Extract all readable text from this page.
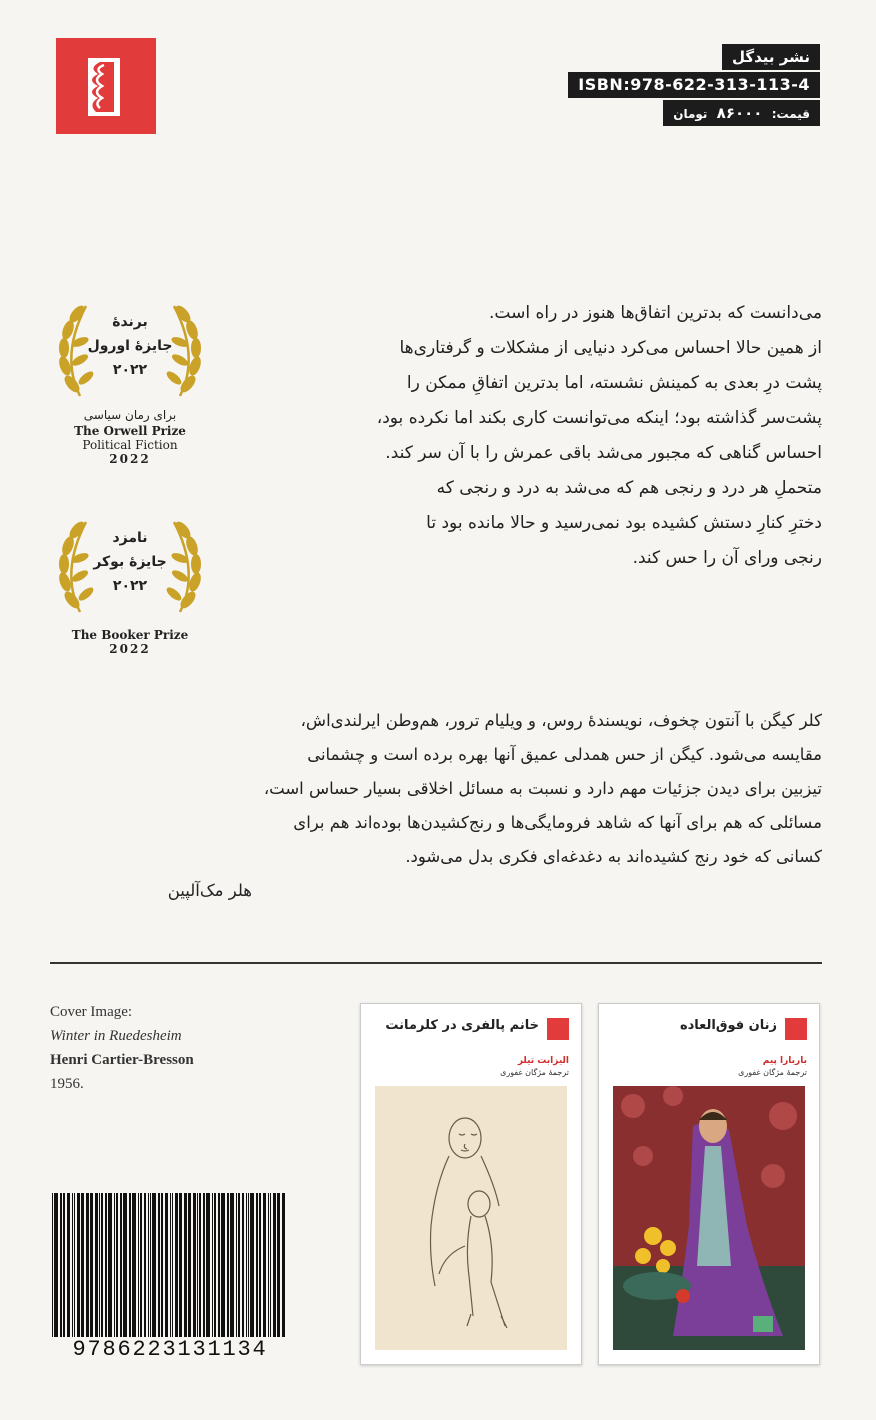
نشر بیدگل
ISBN:978-622-313-113-4
قیمت: ۸۶۰۰۰ تومان
برندهٔ
جایزهٔ اورول
۲۰۲۲
برای رمان سیاسی
The Orwell Prize
Political Fiction
2022
نامزد
جایزهٔ بوکر
۲۰۲۲
The Booker Prize
2022
می‌دانست که بدترین اتفاق‌ها هنوز در راه است.
از همین حالا احساس می‌کرد دنیایی از مشکلات و گرفتاری‌ها
پشت درِ بعدی به کمینش نشسته، اما بدترین اتفاقِ ممکن را
پشت‌سر گذاشته بود؛ اینکه می‌توانست کاری بکند اما نکرده بود،
احساس گناهی که مجبور می‌شد باقی عمرش را با آن سر کند.
متحملِ هر درد و رنجی هم که می‌شد به درد و رنجی که
دخترِ کنارِ دستش کشیده بود نمی‌رسید و حالا مانده بود تا
رنجی ورای آن را حس کند.
کلر کیگن با آنتون چخوف، نویسندهٔ روس، و ویلیام ترور، هم‌وطن ایرلندی‌اش،
مقایسه می‌شود. کیگن از حس همدلی عمیق آنها بهره برده است و چشمانی
تیزبین برای دیدن جزئیات مهم دارد و نسبت به مسائل اخلاقی بسیار حساس است،
مسائلی که هم برای آنها که شاهد فرومایگی‌ها و رنج‌کشیدن‌ها بوده‌اند هم برای
کسانی که خود رنج کشیده‌اند به دغدغه‌ای فکری بدل می‌شود.
هلر مک‌آلپین
Cover Image:
Winter in Ruedesheim
Henri Cartier-Bresson
1956.
9786223131134
خانم پالفری در کلرمانت
الیزابت تیلر
ترجمهٔ مژگان غفوری
زنان فوق‌العاده
باربارا پیم
ترجمهٔ مژگان غفوری
